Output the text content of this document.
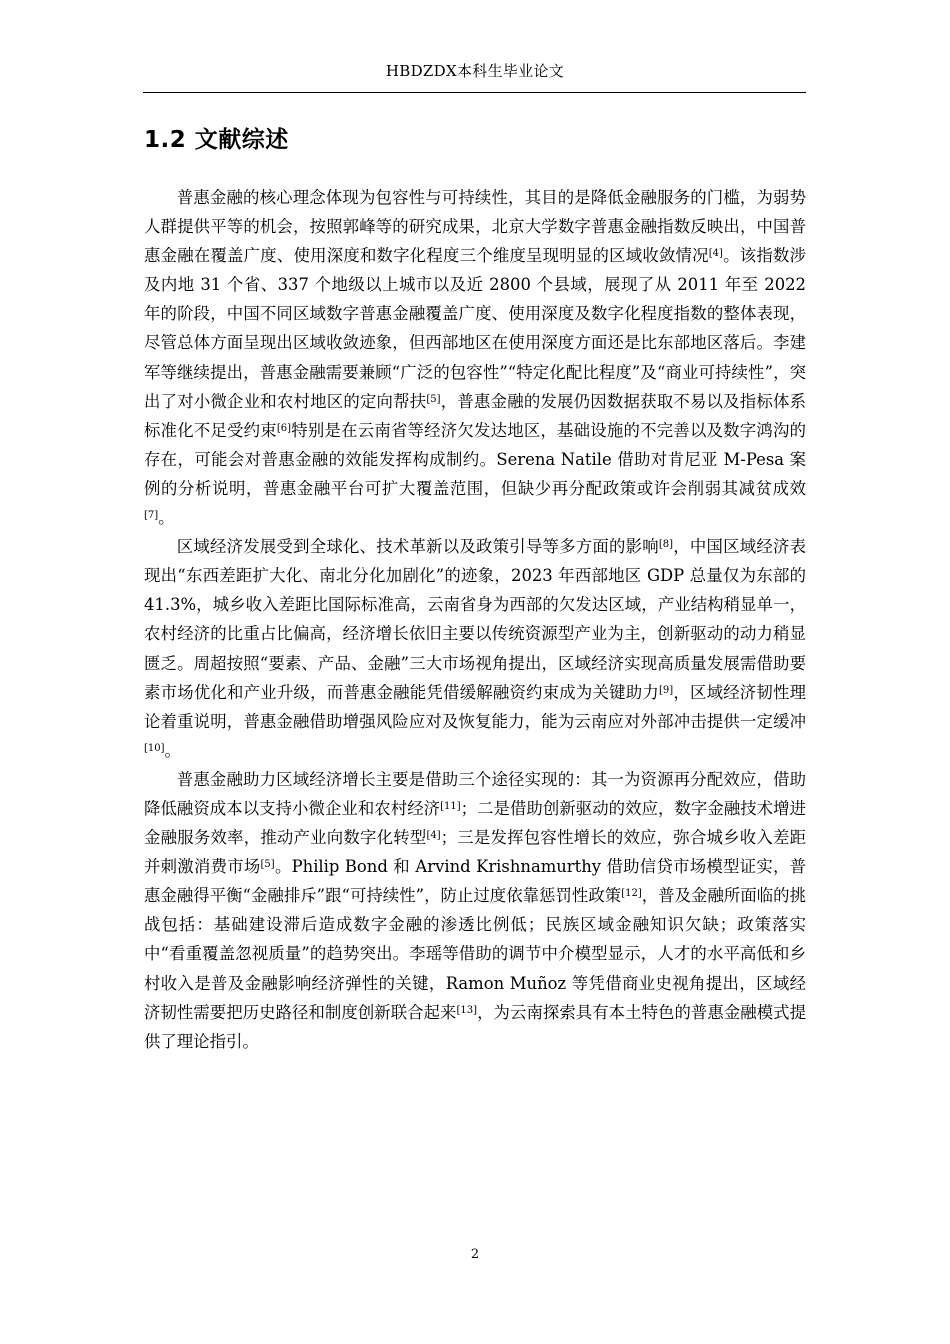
HBDZDX本科生毕业论文
1.2 文献综述

普惠金融的核心理念体现为包容性与可持续性，其目的是降低金融服务的门槛，为弱势人群提供平等的机会，按照郭峰等的研究成果，北京大学数字普惠金融指数反映出，中国普惠金融在覆盖广度、使用深度和数字化程度三个维度呈现明显的区域收敛情况[4]。该指数涉及内地 31 个省、337 个地级以上城市以及近 2800 个县域，展现了从 2011 年至 2022 年的阶段，中国不同区域数字普惠金融覆盖广度、使用深度及数字化程度指数的整体表现，尽管总体方面呈现出区域收敛迹象，但西部地区在使用深度方面还是比东部地区落后。李建军等继续提出，普惠金融需要兼顾“广泛的包容性”“特定化配比程度”及“商业可持续性”，突出了对小微企业和农村地区的定向帮扶[5]，普惠金融的发展仍因数据获取不易以及指标体系标准化不足受约束[6]特别是在云南省等经济欠发达地区，基础设施的不完善以及数字鸿沟的存在，可能会对普惠金融的效能发挥构成制约。Serena Natile 借助对肯尼亚 M-Pesa 案例的分析说明，普惠金融平台可扩大覆盖范围，但缺少再分配政策或许会削弱其减贫成效[7]。

区域经济发展受到全球化、技术革新以及政策引导等多方面的影响[8]，中国区域经济表现出“东西差距扩大化、南北分化加剧化”的迹象，2023 年西部地区 GDP 总量仅为东部的 41.3%，城乡收入差距比国际标准高，云南省身为西部的欠发达区域，产业结构稍显单一，农村经济的比重占比偏高，经济增长依旧主要以传统资源型产业为主，创新驱动的动力稍显匮乏。周超按照“要素、产品、金融”三大市场视角提出，区域经济实现高质量发展需借助要素市场优化和产业升级，而普惠金融能凭借缓解融资约束成为关键助力[9]，区域经济韧性理论着重说明，普惠金融借助增强风险应对及恢复能力，能为云南应对外部冲击提供一定缓冲[10]。

普惠金融助力区域经济增长主要是借助三个途径实现的：其一为资源再分配效应，借助降低融资成本以支持小微企业和农村经济[11]；二是借助创新驱动的效应，数字金融技术增进金融服务效率，推动产业向数字化转型[4]；三是发挥包容性增长的效应，弥合城乡收入差距并刺激消费市场[5]。Philip Bond 和 Arvind Krishnamurthy 借助信贷市场模型证实，普惠金融得平衡“金融排斥”跟“可持续性”，防止过度依靠惩罚性政策[12]，普及金融所面临的挑战包括：基础建设滞后造成数字金融的渗透比例低；民族区域金融知识欠缺；政策落实中“看重覆盖忽视质量”的趋势突出。李瑶等借助的调节中介模型显示，人才的水平高低和乡村收入是普及金融影响经济弹性的关键，Ramon Muñoz 等凭借商业史视角提出，区域经济韧性需要把历史路径和制度创新联合起来[13]，为云南探索具有本土特色的普惠金融模式提供了理论指引。

2
